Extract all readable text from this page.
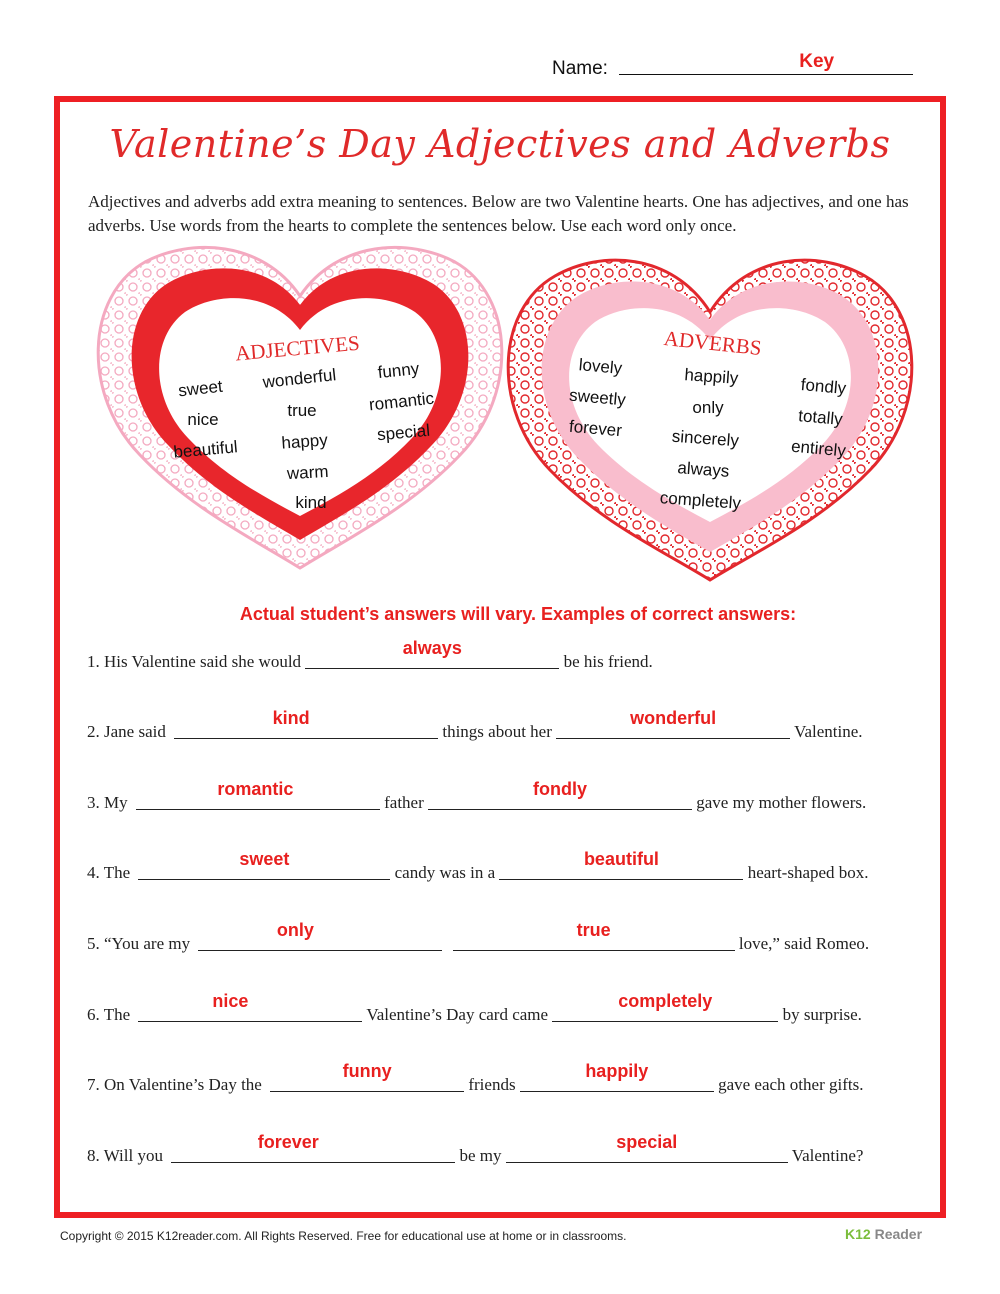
Name:	Key
Valentine’s Day Adjectives and Adverbs
Adjectives and adverbs add extra meaning to sentences. Below are two Valentine hearts. One has adjectives, and one has adverbs. Use words from the hearts to complete the sentences below. Use each word only once.
ADJECTIVES	ADVERBS
sweet
nice
beautiful
wonderful
true
happy
warm
kind
funny
romantic
special
lovely
sweetly
forever
happily
only
sincerely
always
completely
fondly
totally
entirely
Actual student’s answers will vary. Examples of correct answers:
1. His Valentine said she would
always
be his friend.
2. Jane said
kind
things about her
wonderful
Valentine.
3. My
romantic
father
fondly
gave my mother flowers.
4. The
sweet
candy was in a
beautiful
heart-shaped box.
5. “You are my
only
	true
love,” said Romeo.
6. The
nice
Valentine’s Day card came
completely
by surprise.
7. On Valentine’s Day the
funny
friends
happily
gave each other gifts.
8. Will you
forever
be my
special
Valentine?
Copyright © 2015 K12reader.com. All Rights Reserved. Free for educational use at home or in classrooms.	K12 Reader
